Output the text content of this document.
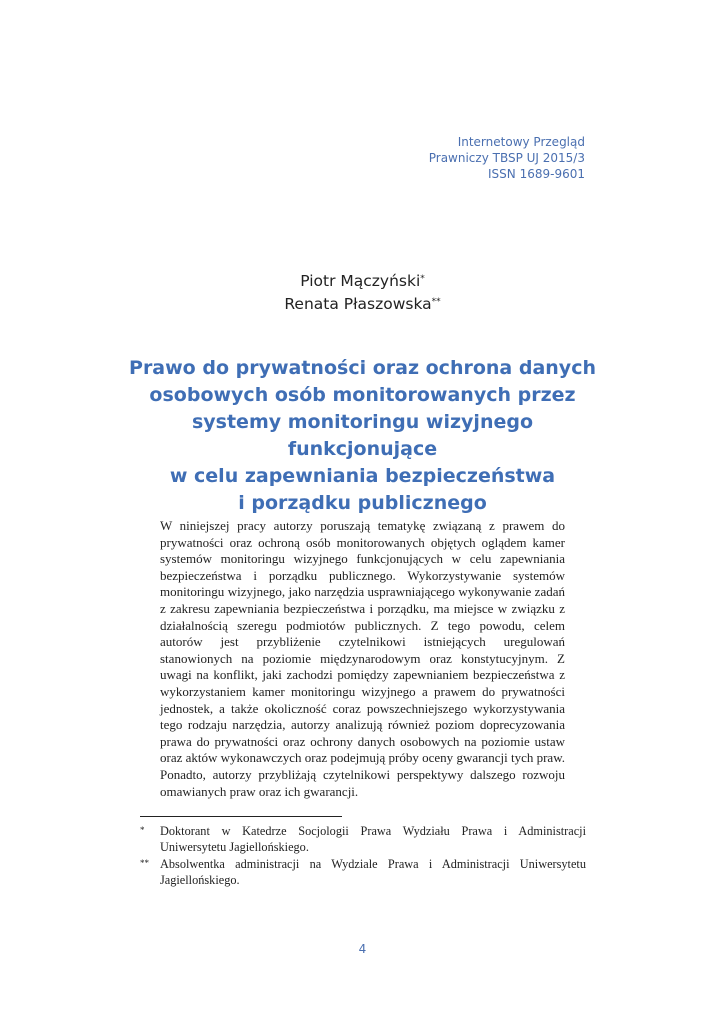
Internetowy Przegląd
Prawniczy TBSP UJ 2015/3
ISSN 1689-9601
Piotr Mączyński*
Renata Płaszowska**
Prawo do prywatności oraz ochrona danych
osobowych osób monitorowanych przez
systemy monitoringu wizyjnego funkcjonujące
w celu zapewniania bezpieczeństwa
i porządku publicznego

W niniejszej pracy autorzy poruszają tematykę związaną z prawem do prywatności oraz ochroną osób monitorowanych objętych oglądem kamer systemów monitoringu wizyjnego funkcjonujących w celu zapewniania bezpieczeństwa i porządku publicznego. Wykorzystywanie systemów monitoringu wizyjnego, jako narzędzia usprawniającego wykonywanie zadań z zakresu zapewniania bezpieczeństwa i porządku, ma miejsce w związku z działalnością szeregu podmiotów publicznych. Z tego powodu, celem autorów jest przybliżenie czytelnikowi istniejących uregulowań stanowionych na poziomie międzynarodowym oraz konstytucyjnym. Z uwagi na konflikt, jaki zachodzi pomiędzy zapewnianiem bezpieczeństwa z wykorzystaniem kamer monitoringu wizyjnego a prawem do prywatności jednostek, a także okoliczność coraz powszechniejszego wykorzystywania tego rodzaju narzędzia, autorzy analizują również poziom doprecyzowania prawa do prywatności oraz ochrony danych osobowych na poziomie ustaw oraz aktów wykonawczych oraz podejmują próby oceny gwarancji tych praw. Ponadto, autorzy przybliżają czytelnikowi perspektywy dalszego rozwoju omawianych praw oraz ich gwarancji.

*	Doktorant w Katedrze Socjologii Prawa Wydziału Prawa i Administracji Uniwersytetu Jagiellońskiego.
** Absolwentka administracji na Wydziale Prawa i Administracji Uniwersytetu Jagiellońskiego.
4
